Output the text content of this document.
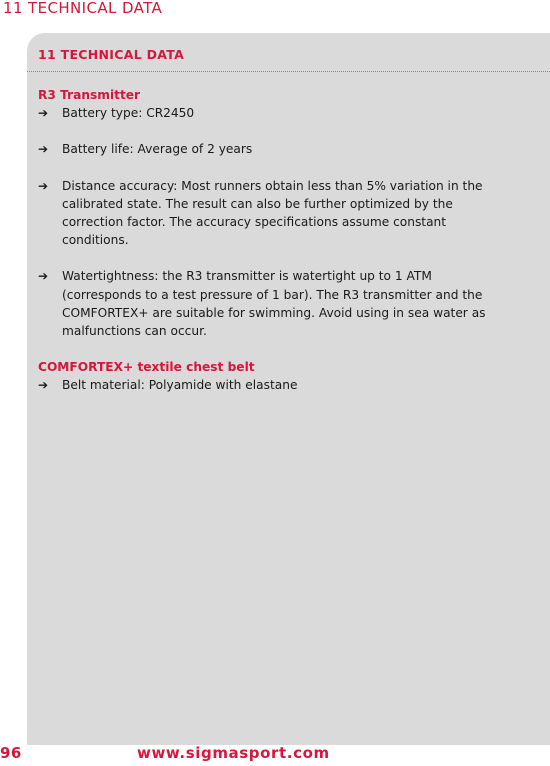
11 TECHNICAL DATA
11 TECHNICAL DATA
R3 Transmitter
➔ Battery type: CR2450
➔ Battery life: Average of 2 years
➔ Distance accuracy: Most runners obtain less than 5% variation in the calibrated state. The result can also be further optimized by the correction factor. The accuracy specifications assume constant conditions.
➔ Watertightness: the R3 transmitter is watertight up to 1 ATM (corresponds to a test pressure of 1 bar). The R3 transmitter and the COMFORTEX+ are suitable for swimming. Avoid using in sea water as malfunctions can occur.
COMFORTEX+ textile chest belt
➔ Belt material: Polyamide with elastane
96	www.sigmasport.com
